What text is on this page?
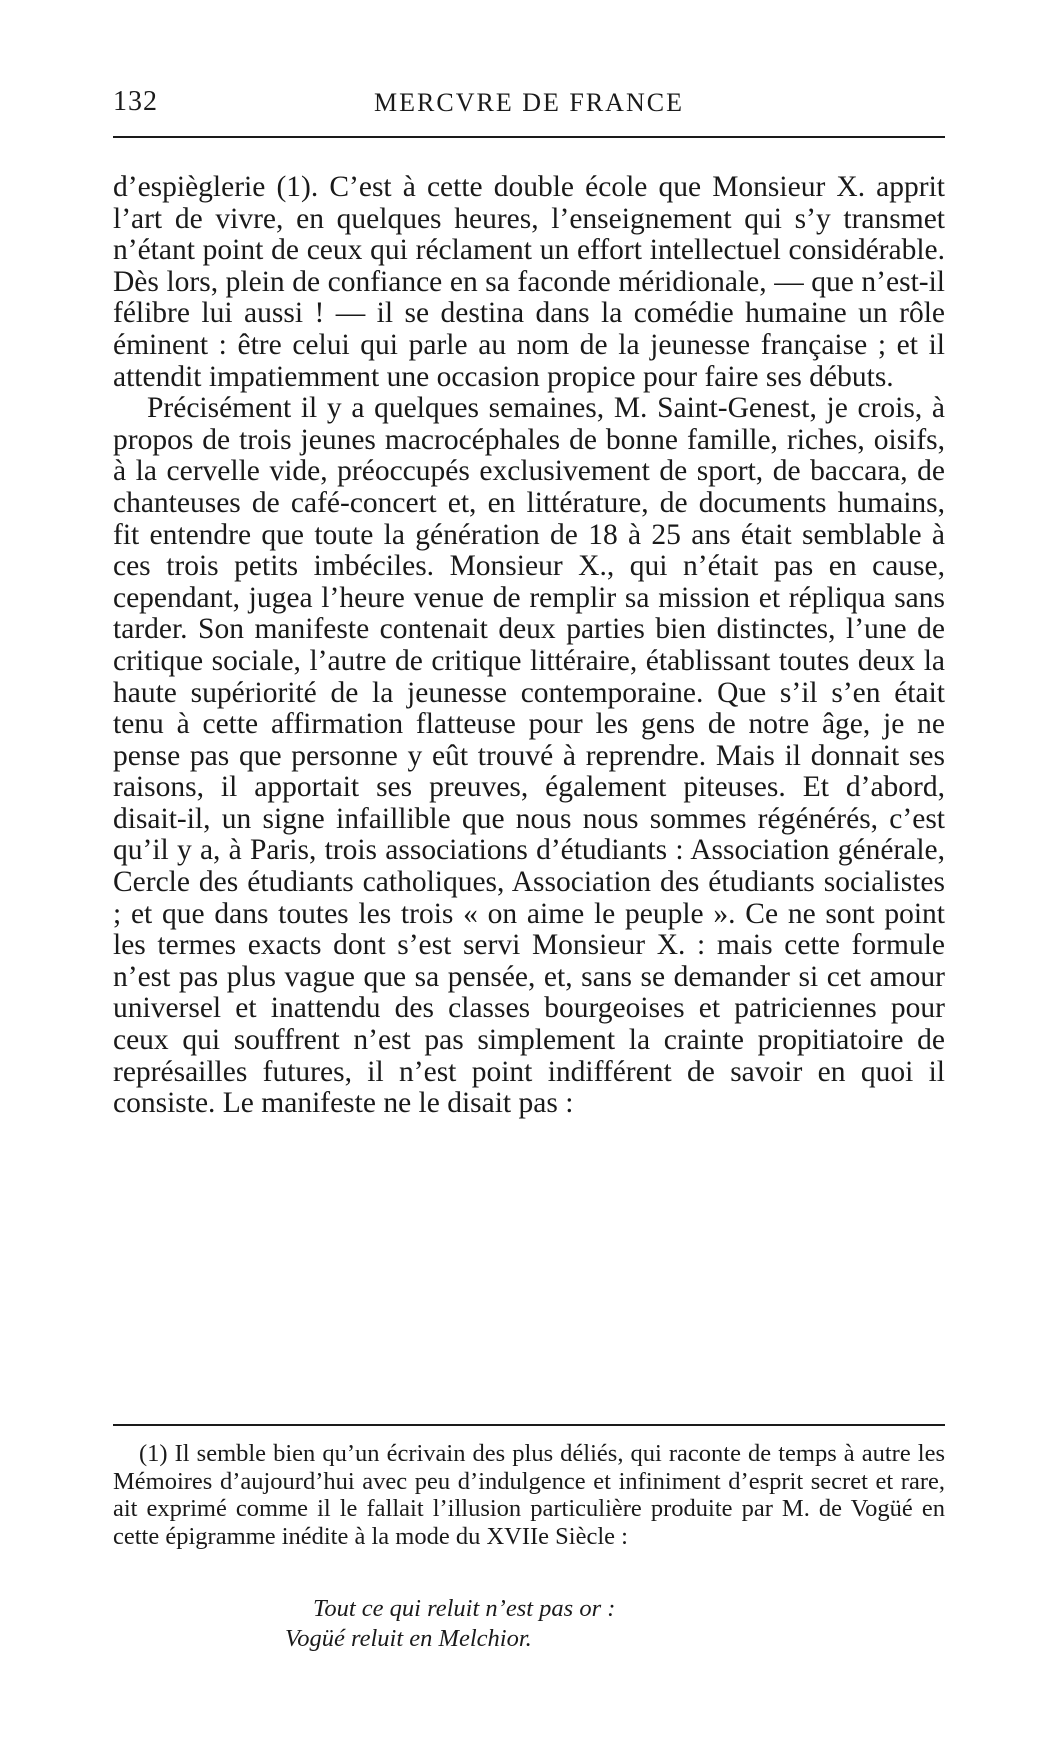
132	MERCVRE DE FRANCE

d’espièglerie (1). C’est à cette double école que Monsieur X. apprit l’art de vivre, en quelques heures, l’enseignement qui s’y transmet n’étant point de ceux qui réclament un effort intellectuel considérable. Dès lors, plein de confiance en sa faconde méridionale, — que n’est-il félibre lui aussi ! — il se destina dans la comédie humaine un rôle éminent : être celui qui parle au nom de la jeunesse française ; et il attendit impatiemment une occasion propice pour faire ses débuts.

Précisément il y a quelques semaines, M. Saint-Genest, je crois, à propos de trois jeunes macrocéphales de bonne famille, riches, oisifs, à la cervelle vide, préoccupés exclusivement de sport, de baccara, de chanteuses de café-concert et, en littérature, de documents humains, fit entendre que toute la génération de 18 à 25 ans était semblable à ces trois petits imbéciles. Monsieur X., qui n’était pas en cause, cependant, jugea l’heure venue de remplir sa mission et répliqua sans tarder. Son manifeste contenait deux parties bien distinctes, l’une de critique sociale, l’autre de critique littéraire, établissant toutes deux la haute supériorité de la jeunesse contemporaine. Que s’il s’en était tenu à cette affirmation flatteuse pour les gens de notre âge, je ne pense pas que personne y eût trouvé à reprendre. Mais il donnait ses raisons, il apportait ses preuves, également piteuses. Et d’abord, disait-il, un signe infaillible que nous nous sommes régénérés, c’est qu’il y a, à Paris, trois associations d’étudiants : Association générale, Cercle des étudiants catholiques, Association des étudiants socialistes ; et que dans toutes les trois « on aime le peuple ». Ce ne sont point les termes exacts dont s’est servi Monsieur X. : mais cette formule n’est pas plus vague que sa pensée, et, sans se demander si cet amour universel et inattendu des classes bourgeoises et patriciennes pour ceux qui souffrent n’est pas simplement la crainte propitiatoire de représailles futures, il n’est point indifférent de savoir en quoi il consiste. Le manifeste ne le disait pas :

(1) Il semble bien qu’un écrivain des plus déliés, qui raconte de temps à autre les Mémoires d’aujourd’hui avec peu d’indulgence et infiniment d’esprit secret et rare, ait exprimé comme il le fallait l’illusion particulière produite par M. de Vogüé en cette épigramme inédite à la mode du XVIIe Siècle :

Tout ce qui reluit n’est pas or :
Vogüé reluit en Melchior.
